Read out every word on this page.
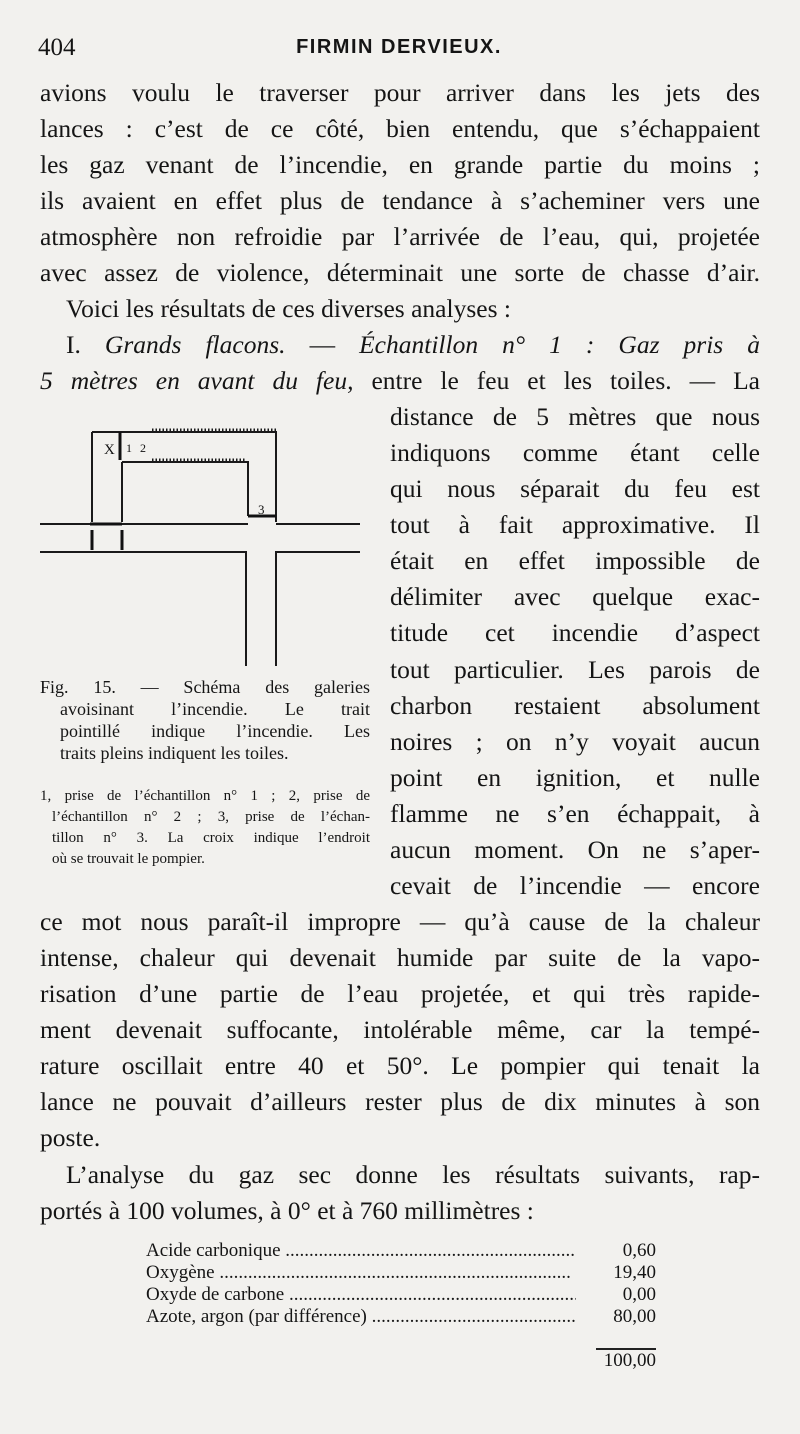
404	FIRMIN DERVIEUX.
avions voulu le traverser pour arriver dans les jets des
lances : c’est de ce côté, bien entendu, que s’échappaient
les gaz venant de l’incendie, en grande partie du moins ;
ils avaient en effet plus de tendance à s’acheminer vers une
atmosphère non refroidie par l’arrivée de l’eau, qui, projetée
avec assez de violence, déterminait une sorte de chasse d’air.
Voici les résultats de ces diverses analyses :
I. Grands flacons. — Échantillon n° 1 : Gaz pris à
5 mètres en avant du feu, entre le feu et les toiles. — La
distance de 5 mètres que nous
indiquons comme étant celle
qui nous séparait du feu est
tout à fait approximative. Il
était en effet impossible de
délimiter avec quelque exac-
titude cet incendie d’aspect
tout particulier. Les parois de
charbon restaient absolument
noires ; on n’y voyait aucun
point en ignition, et nulle
flamme ne s’en échappait, à
aucun moment. On ne s’aper-
cevait de l’incendie — encore
X 1 2
3
Fig. 15. — Schéma des galeries
avoisinant l’incendie. Le trait
pointillé indique l’incendie. Les
traits pleins indiquent les toiles.
1, prise de l’échantillon n° 1 ; 2, prise de
l’échantillon n° 2 ; 3, prise de l’échan-
tillon n° 3. La croix indique l’endroit
où se trouvait le pompier.
ce mot nous paraît-il impropre — qu’à cause de la chaleur
intense, chaleur qui devenait humide par suite de la vapo-
risation d’une partie de l’eau projetée, et qui très rapide-
ment devenait suffocante, intolérable même, car la tempé-
rature oscillait entre 40 et 50°. Le pompier qui tenait la
lance ne pouvait d’ailleurs rester plus de dix minutes à son
poste.
L’analyse du gaz sec donne les résultats suivants, rap-
portés à 100 volumes, à 0° et à 760 millimètres :
Acide carbonique .....	0,60
Oxygène .....	19,40
Oxyde de carbone .....	0,00
Azote, argon (par différence) .....	80,00
100,00
